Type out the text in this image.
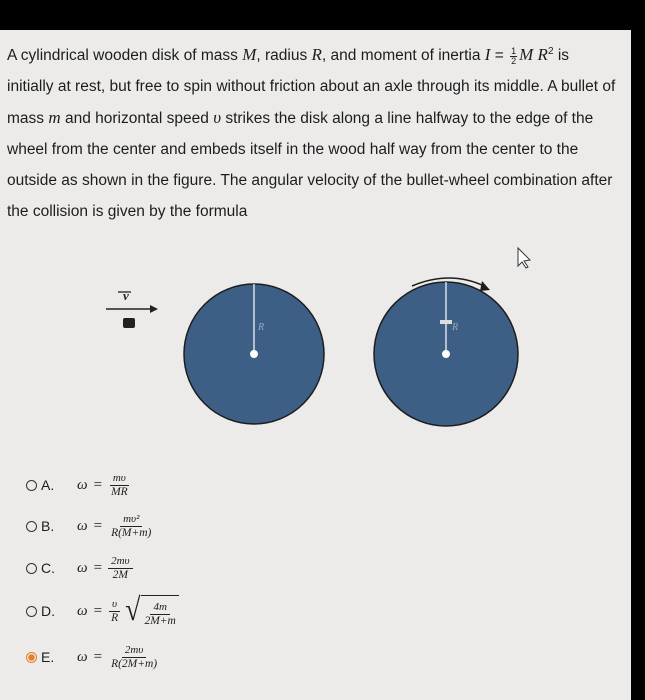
A cylindrical wooden disk of mass M, radius R, and moment of inertia $I = \frac{1}{2}$ M $R^2$ is initially at rest, but free to spin without friction about an axle through its middle. A bullet of mass m and horizontal speed υ strikes the disk along a line halfway to the edge of the wheel from the center and embeds itself in the wood half way from the center to the outside as shown in the figure. The angular velocity of the bullet-wheel combination after the collision is given by the formula

v
R	R
A.	$\omega = \frac{m\upsilon}{MR}$
B.	$\omega = \frac{\text{mυ²}}{R(M+m)}$
C.	$\omega = \frac{2m\upsilon}{2M}$
D.	$\omega = \frac{\upsilon}{R}$ √ $\frac{4m}{2M+m}$
E.	$\omega = \frac{2m\upsilon}{R(2M+m)}$
